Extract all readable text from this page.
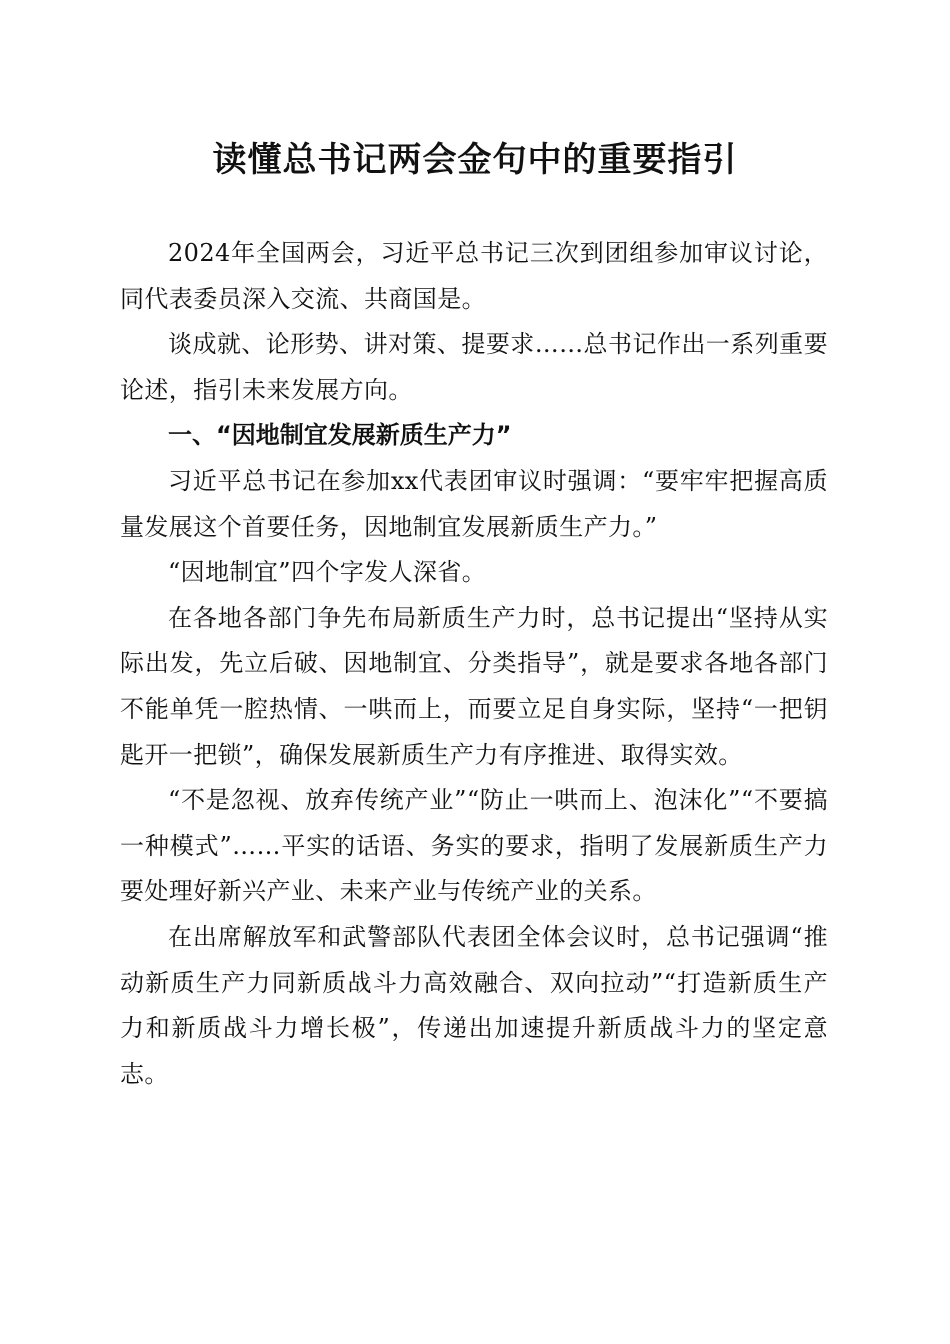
读懂总书记两会金句中的重要指引

2024年全国两会，习近平总书记三次到团组参加审议讨论，同代表委员深入交流、共商国是。

谈成就、论形势、讲对策、提要求……总书记作出一系列重要论述，指引未来发展方向。

一、“因地制宜发展新质生产力”

习近平总书记在参加xx代表团审议时强调：“要牢牢把握高质量发展这个首要任务，因地制宜发展新质生产力。”

“因地制宜”四个字发人深省。

在各地各部门争先布局新质生产力时，总书记提出“坚持从实际出发，先立后破、因地制宜、分类指导”，就是要求各地各部门不能单凭一腔热情、一哄而上，而要立足自身实际，坚持“一把钥匙开一把锁”，确保发展新质生产力有序推进、取得实效。

“不是忽视、放弃传统产业”“防止一哄而上、泡沫化”“不要搞一种模式”……平实的话语、务实的要求，指明了发展新质生产力要处理好新兴产业、未来产业与传统产业的关系。

在出席解放军和武警部队代表团全体会议时，总书记强调“推动新质生产力同新质战斗力高效融合、双向拉动”“打造新质生产力和新质战斗力增长极”，传递出加速提升新质战斗力的坚定意志。
